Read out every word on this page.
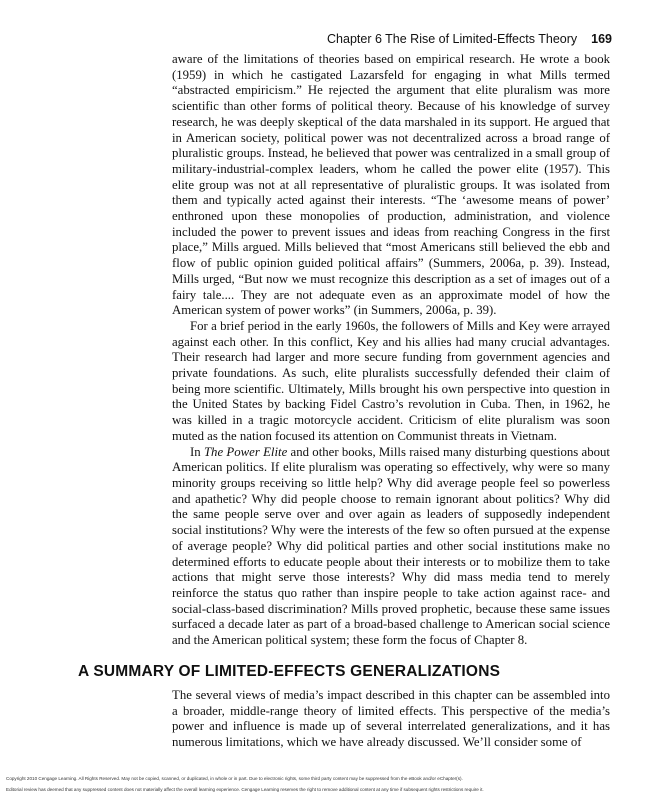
Chapter 6 The Rise of Limited-Effects Theory 169

aware of the limitations of theories based on empirical research. He wrote a book (1959) in which he castigated Lazarsfeld for engaging in what Mills termed “abstracted empiricism.” He rejected the argument that elite pluralism was more scientific than other forms of political theory. Because of his knowledge of survey research, he was deeply skeptical of the data marshaled in its support. He argued that in American society, political power was not decentralized across a broad range of pluralistic groups. Instead, he believed that power was centralized in a small group of military-industrial-complex leaders, whom he called the power elite (1957). This elite group was not at all representative of pluralistic groups. It was isolated from them and typically acted against their interests. “The ‘awesome means of power’ enthroned upon these monopolies of production, administration, and violence included the power to prevent issues and ideas from reaching Congress in the first place,” Mills argued. Mills believed that “most Americans still believed the ebb and flow of public opinion guided political affairs” (Summers, 2006a, p. 39). Instead, Mills urged, “But now we must recognize this description as a set of images out of a fairy tale.... They are not adequate even as an approximate model of how the American system of power works” (in Summers, 2006a, p. 39).

For a brief period in the early 1960s, the followers of Mills and Key were arrayed against each other. In this conflict, Key and his allies had many crucial advantages. Their research had larger and more secure funding from government agencies and private foundations. As such, elite pluralists successfully defended their claim of being more scientific. Ultimately, Mills brought his own perspective into question in the United States by backing Fidel Castro’s revolution in Cuba. Then, in 1962, he was killed in a tragic motorcycle accident. Criticism of elite pluralism was soon muted as the nation focused its attention on Communist threats in Vietnam.

In The Power Elite and other books, Mills raised many disturbing questions about American politics. If elite pluralism was operating so effectively, why were so many minority groups receiving so little help? Why did average people feel so powerless and apathetic? Why did people choose to remain ignorant about politics? Why did the same people serve over and over again as leaders of supposedly independent social institutions? Why were the interests of the few so often pursued at the expense of average people? Why did political parties and other social institutions make no determined efforts to educate people about their interests or to mobilize them to take actions that might serve those interests? Why did mass media tend to merely reinforce the status quo rather than inspire people to take action against race- and social-class-based discrimination? Mills proved prophetic, because these same issues surfaced a decade later as part of a broad-based challenge to American social science and the American political system; these form the focus of Chapter 8.

A SUMMARY OF LIMITED-EFFECTS GENERALIZATIONS

The several views of media’s impact described in this chapter can be assembled into a broader, middle-range theory of limited effects. This perspective of the media’s power and influence is made up of several interrelated generalizations, and it has numerous limitations, which we have already discussed. We’ll consider some of

Copyright 2010 Cengage Learning. All Rights Reserved. May not be copied, scanned, or duplicated, in whole or in part. Due to electronic rights, some third party content may be suppressed from the eBook and/or eChapter(s).
Editorial review has deemed that any suppressed content does not materially affect the overall learning experience. Cengage Learning reserves the right to remove additional content at any time if subsequent rights restrictions require it.
